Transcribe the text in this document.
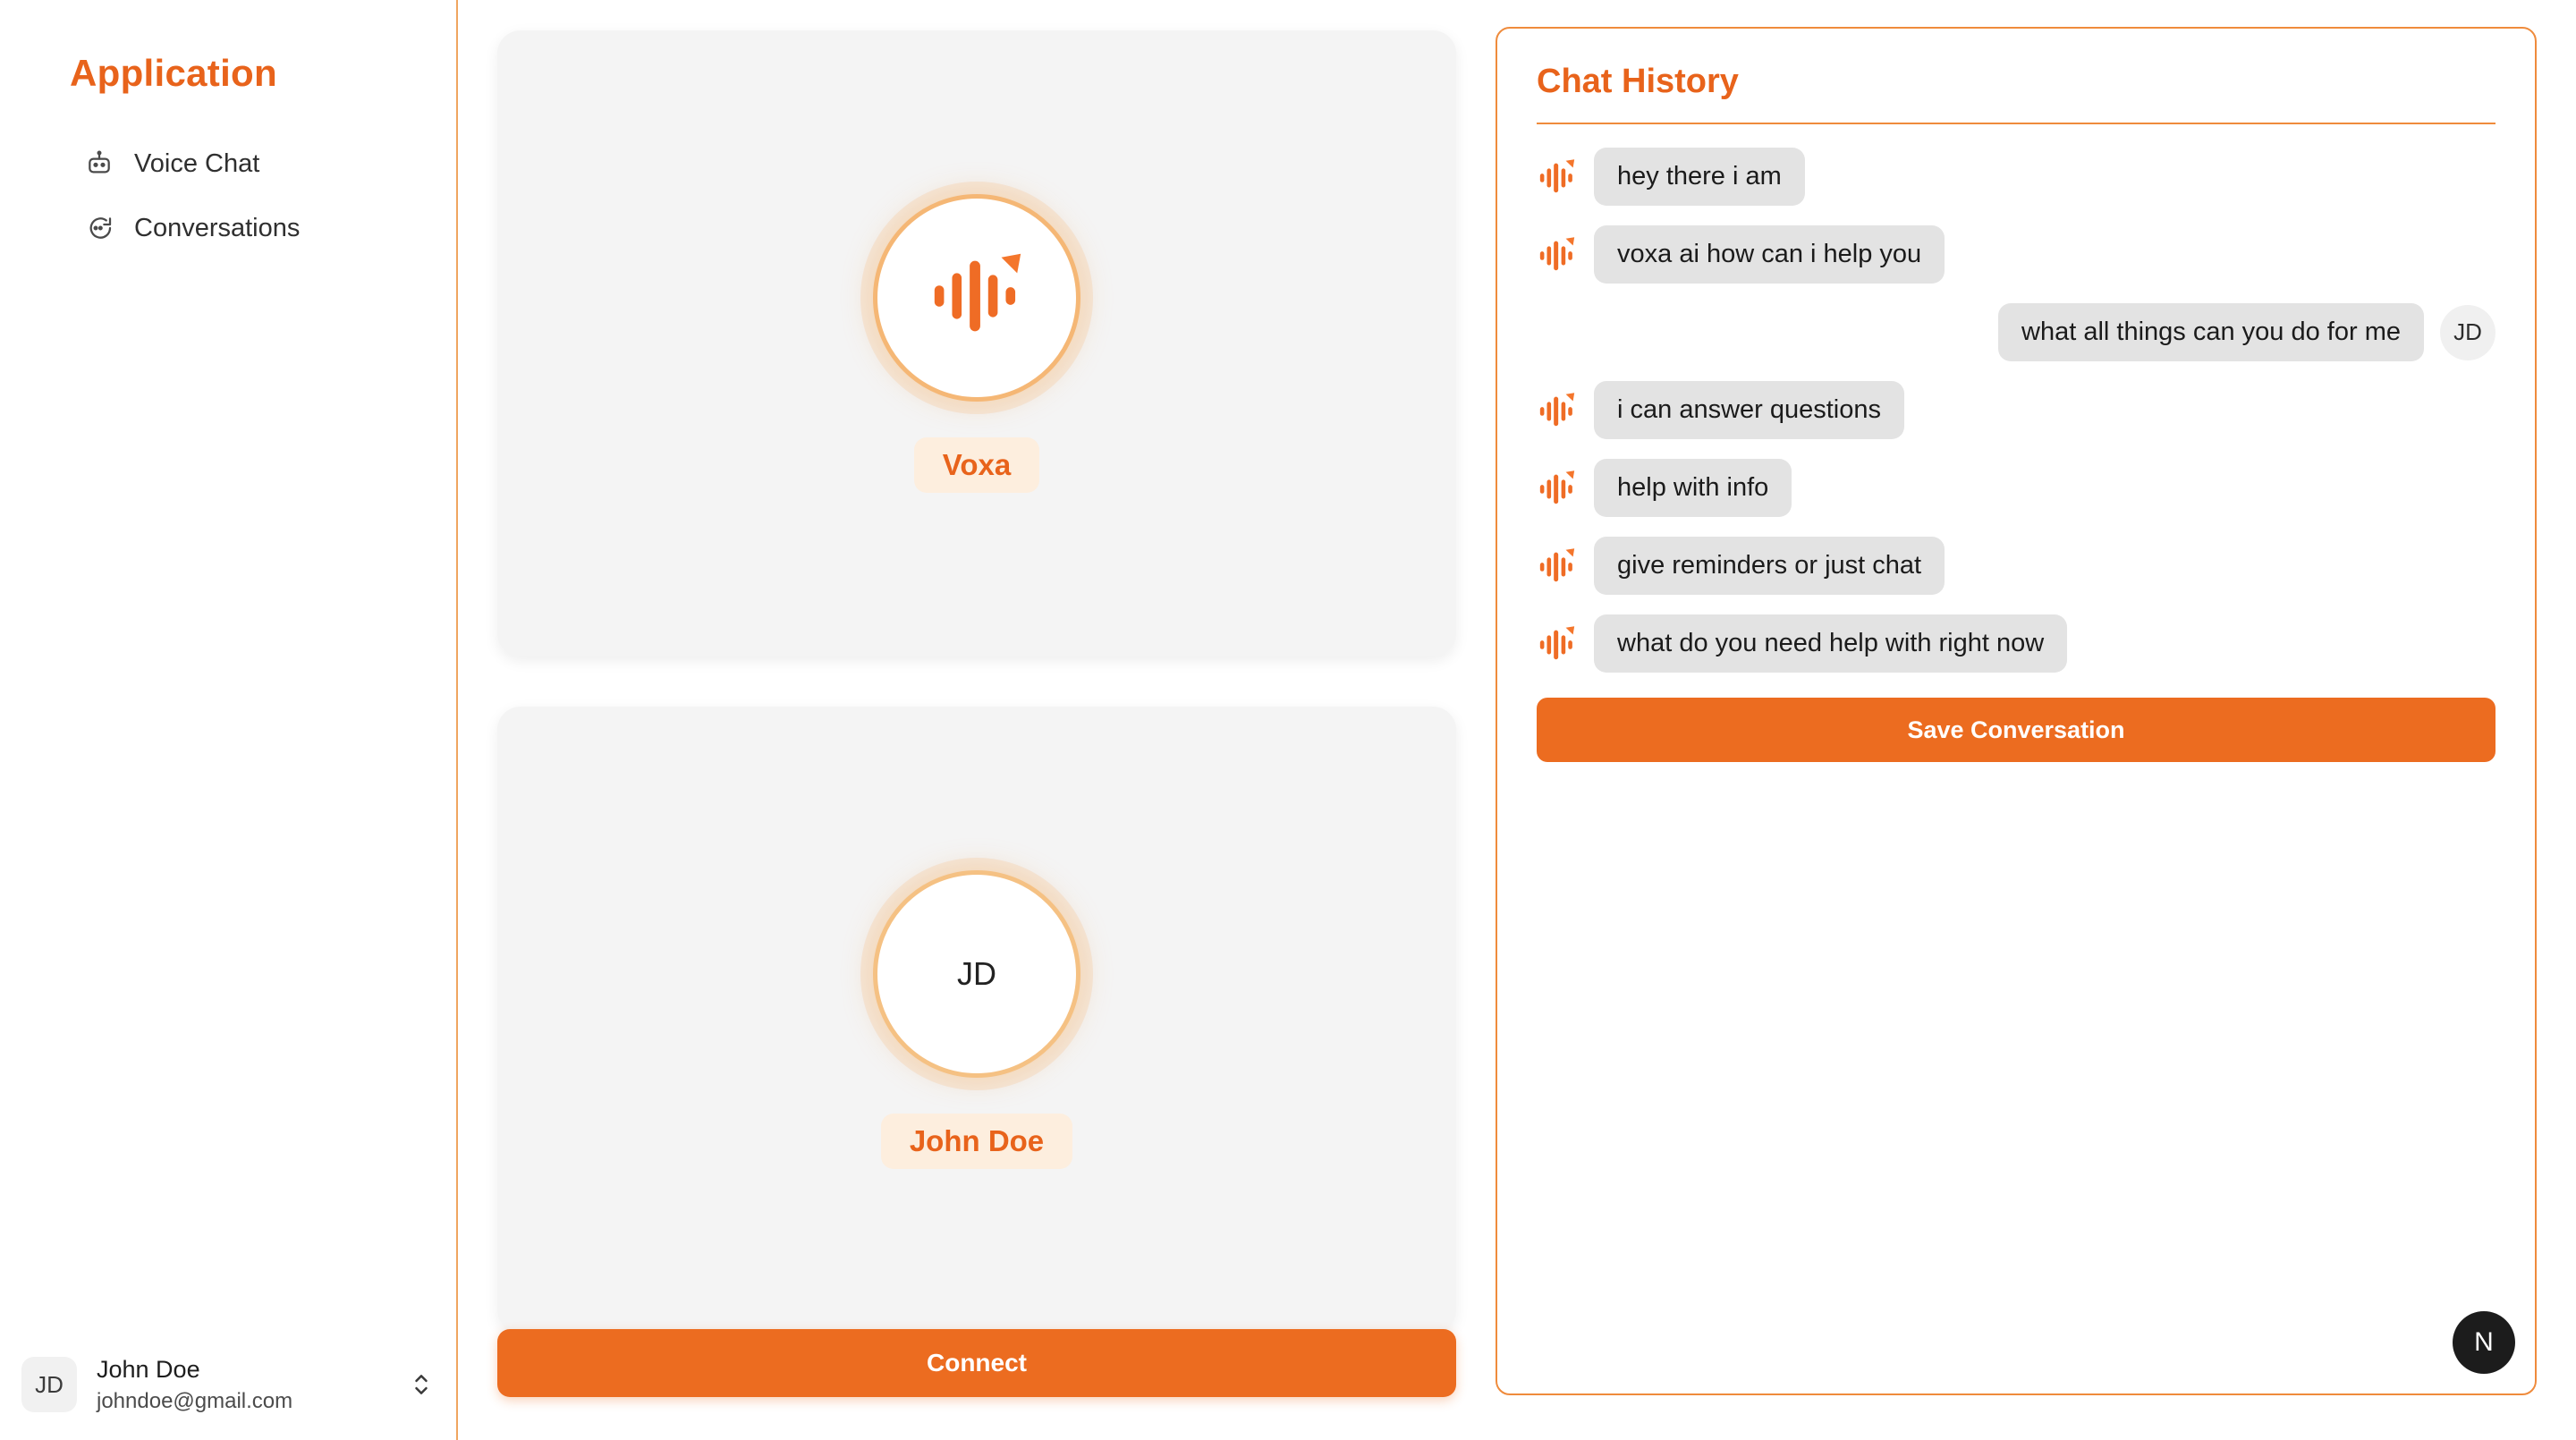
Application
Voice Chat
Conversations
JD
John Doe
johndoe@gmail.com
Voxa
JD
John Doe
Connect
Chat History
hey there i am
voxa ai how can i help you
what all things can you do for me	JD
i can answer questions
help with info
give reminders or just chat
what do you need help with right now
Save Conversation
N
